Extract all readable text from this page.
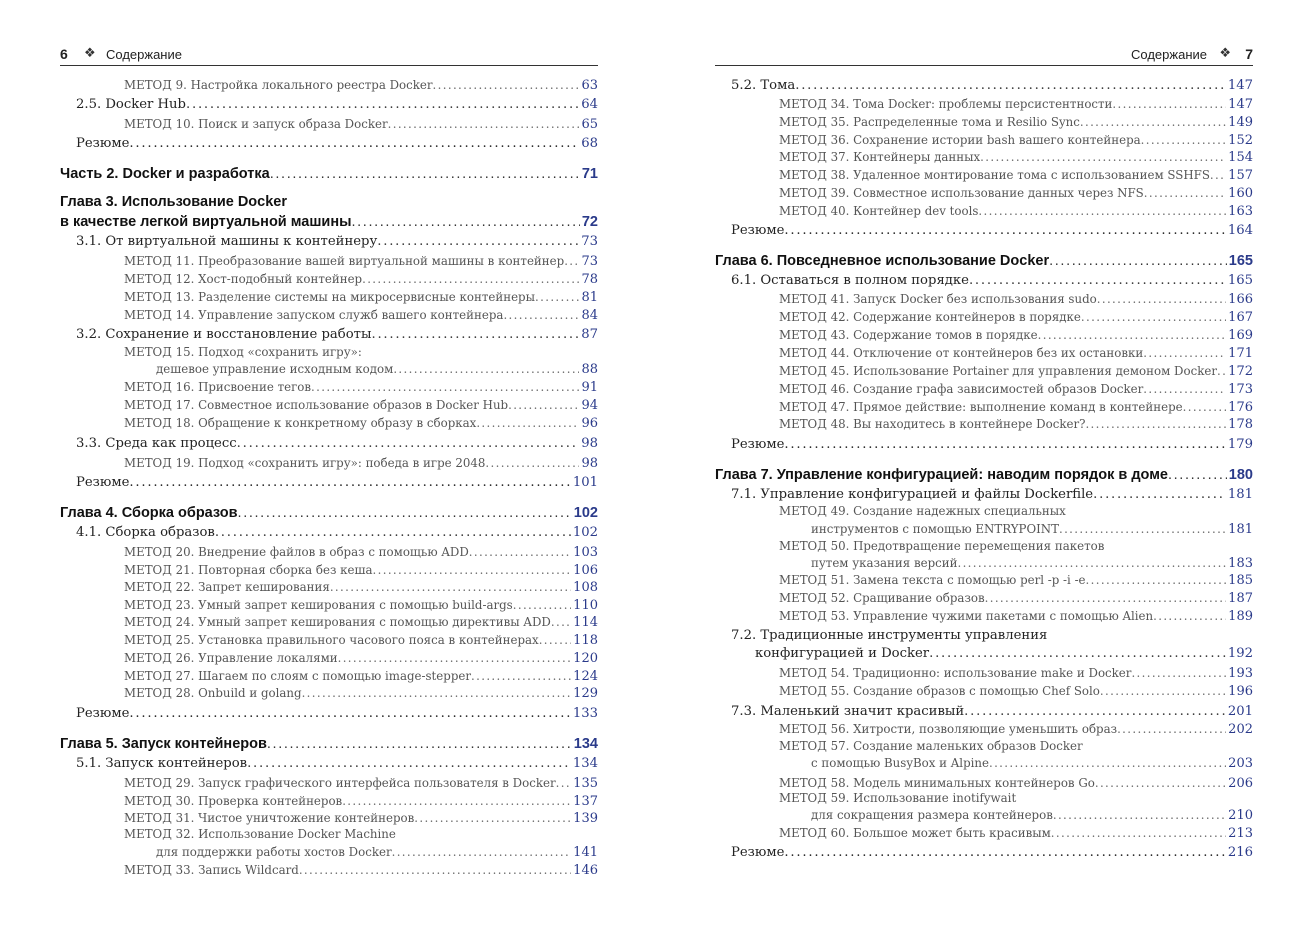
6 ❖ Содержание
МЕТОД 9. Настройка локального реестра Docker . . .	63
2.5. Docker Hub . . .	64
МЕТОД 10. Поиск и запуск образа Docker . . .	65
Резюме . . .	68
Часть 2. Docker и разработка . . .	71
Глава 3. Использование Docker
в качестве легкой виртуальной машины . . .	72
3.1. От виртуальной машины к контейнеру . . .	73
МЕТОД 11. Преобразование вашей виртуальной машины в контейнер . . . 73
МЕТОД 12. Хост-подобный контейнер . . .	78
МЕТОД 13. Разделение системы на микросервисные контейнеры . . .	81
МЕТОД 14. Управление запуском служб вашего контейнера . . .	84
3.2. Сохранение и восстановление работы . . .	87
МЕТОД 15. Подход «сохранить игру»:
дешевое управление исходным кодом . . .	88
МЕТОД 16. Присвоение тегов . . .	91
МЕТОД 17. Совместное использование образов в Docker Hub . . .	94
МЕТОД 18. Обращение к конкретному образу в сборках . . .	96
3.3. Среда как процесс . . .	98
МЕТОД 19. Подход «сохранить игру»: победа в игре 2048 . . .	98
Резюме . . .	101
Глава 4. Сборка образов . . .	102
4.1. Сборка образов . . .	102
МЕТОД 20. Внедрение файлов в образ с помощью ADD . . .	103
МЕТОД 21. Повторная сборка без кеша . . .	106
МЕТОД 22. Запрет кеширования . . .	108
МЕТОД 23. Умный запрет кеширования с помощью build-args . . .	110
МЕТОД 24. Умный запрет кеширования с помощью директивы ADD . . . 114
МЕТОД 25. Установка правильного часового пояса в контейнерах . . .	118
МЕТОД 26. Управление локалями . . .	120
МЕТОД 27. Шагаем по слоям с помощью image-stepper . . .	124
МЕТОД 28. Onbuild и golang . . .	129
Резюме . . .	133
Глава 5. Запуск контейнеров . . .	134
5.1. Запуск контейнеров . . .	134
МЕТОД 29. Запуск графического интерфейса пользователя в Docker . . . 135
МЕТОД 30. Проверка контейнеров . . .	137
МЕТОД 31. Чистое уничтожение контейнеров . . .	139
МЕТОД 32. Использование Docker Machine
для поддержки работы хостов Docker . . .	141
МЕТОД 33. Запись Wildcard . . .	146
7
❖
Содержание
5.2. Тома . . .	147
МЕТОД 34. Тома Docker: проблемы персистентности . . .	147
МЕТОД 35. Распределенные тома и Resilio Sync . . .	149
МЕТОД 36. Сохранение истории bash вашего контейнера . . .	152
МЕТОД 37. Контейнеры данных . . .	154
МЕТОД 38. Удаленное монтирование тома с использованием SSHFS . . . 157
МЕТОД 39. Совместное использование данных через NFS . . .	160
МЕТОД 40. Контейнер dev tools . . .	163
Резюме . . .	164
Глава 6. Повседневное использование Docker . . .	165
6.1. Оставаться в полном порядке . . .	165
МЕТОД 41. Запуск Docker без использования sudo . . .	166
МЕТОД 42. Содержание контейнеров в порядке . . .	167
МЕТОД 43. Содержание томов в порядке . . .	169
МЕТОД 44. Отключение от контейнеров без их остановки . . .	171
МЕТОД 45. Использование Portainer для управления демоном Docker . . . 172
МЕТОД 46. Создание графа зависимостей образов Docker . . .	173
МЕТОД 47. Прямое действие: выполнение команд в контейнере . . .	176
МЕТОД 48. Вы находитесь в контейнере Docker? . . .	178
Резюме . . .	179
Глава 7. Управление конфигурацией: наводим порядок в доме . . .	180
7.1. Управление конфигурацией и файлы Dockerfile . . .	181
МЕТОД 49. Создание надежных специальных
инструментов с помощью ENTRYPOINT . . .	181
МЕТОД 50. Предотвращение перемещения пакетов
путем указания версий . . .	183
МЕТОД 51. Замена текста с помощью perl -p -i -e . . .	185
МЕТОД 52. Сращивание образов . . .	187
МЕТОД 53. Управление чужими пакетами с помощью Alien . . .	189
7.2. Традиционные инструменты управления
конфигурацией и Docker . . .	192
МЕТОД 54. Традиционно: использование make и Docker . . .	193
МЕТОД 55. Создание образов с помощью Chef Solo . . .	196
7.3. Маленький значит красивый . . .	201
МЕТОД 56. Хитрости, позволяющие уменьшить образ . . .	202
МЕТОД 57. Создание маленьких образов Docker
с помощью BusyBox и Alpine . . .	203
МЕТОД 58. Модель минимальных контейнеров Go . . .	206
МЕТОД 59. Использование inotifywait
для сокращения размера контейнеров . . .	210
МЕТОД 60. Большое может быть красивым . . .	213
Резюме . . .	216
